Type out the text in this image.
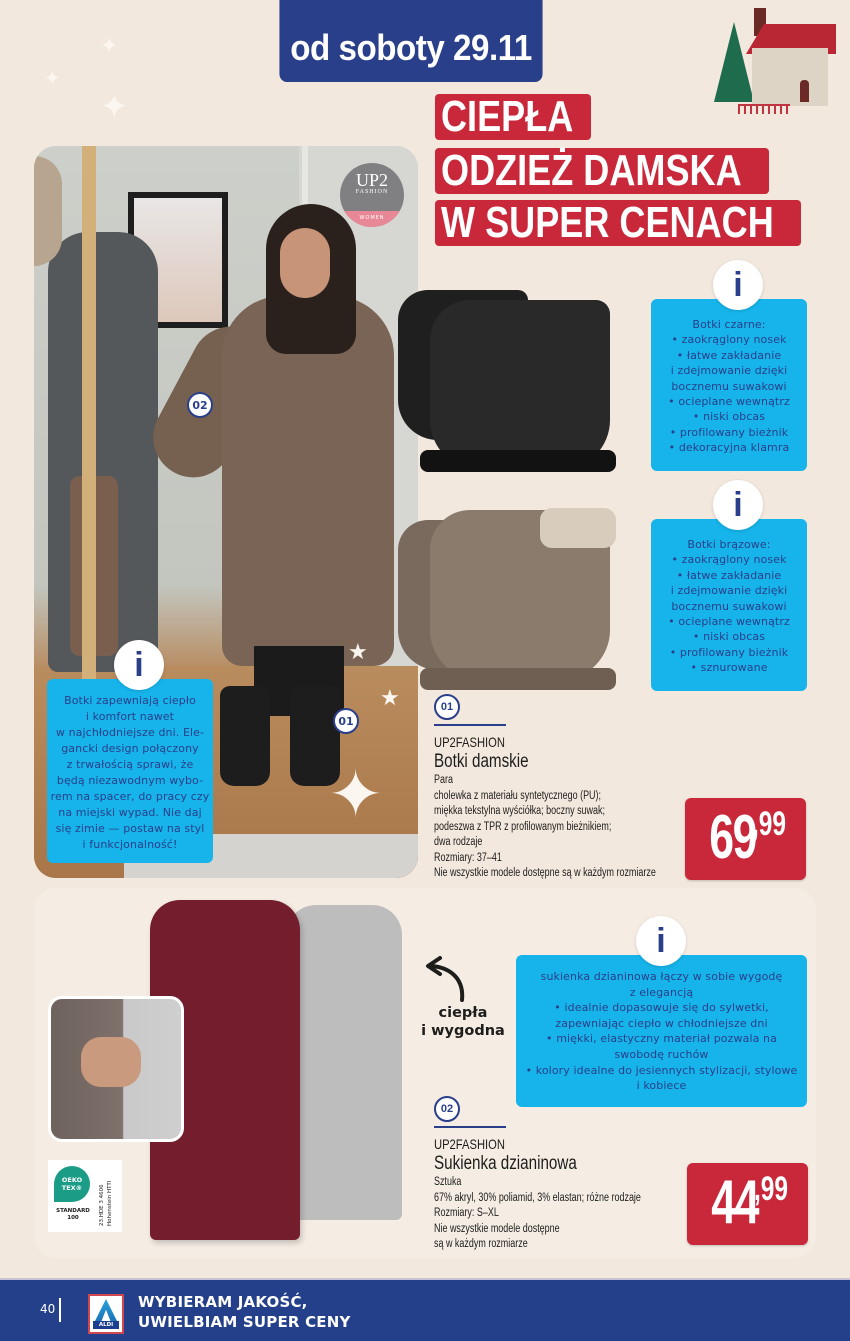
✦
✦
✦
od soboty 29.11
CIEPŁA
ODZIEŻ DAMSKA
W SUPER CENACH
UP2
FASHION
WOMEN
02
01
★
✦
★
Botki czarne:
• zaokrąglony nosek
• łatwe zakładanie
i zdejmowanie dzięki
bocznemu suwakowi
• ocieplane wewnątrz
• niski obcas
• profilowany bieżnik
• dekoracyjna klamra
i
Botki brązowe:
• zaokrąglony nosek
• łatwe zakładanie
i zdejmowanie dzięki
bocznemu suwakowi
• ocieplane wewnątrz
• niski obcas
• profilowany bieżnik
• sznurowane
i
Botki zapewniają ciepło
i komfort nawet
w najchłodniejsze dni. Ele-
gancki design połączony
z trwałością sprawi, że
będą niezawodnym wybo-
rem na spacer, do pracy czy
na miejski wypad. Nie daj
się zimie — postaw na styl
i funkcjonalność!
i
01
UP2FASHION
Botki damskie
Para
cholewka z materiału syntetycznego (PU);
miękka tekstylna wyściółka; boczny suwak;
podeszwa z TPR z profilowanym bieżnikiem;
dwa rodzaje
Rozmiary: 37–41
Nie wszystkie modele dostępne są w każdym rozmiarze
69
,99
OEKO
TEX®
STANDARD
100	23.HDE 3 4606 Hohenstein HTTI
ciepła
i wygodna
sukienka dzianinowa łączy w sobie wygodę
z elegancją
• idealnie dopasowuje się do sylwetki,
zapewniając ciepło w chłodniejsze dni
• miękki, elastyczny materiał pozwala na
swobodę ruchów
• kolory idealne do jesiennych stylizacji, stylowe
i kobiece
i
02
UP2FASHION
Sukienka dzianinowa
Sztuka
67% akryl, 30% poliamid, 3% elastan; różne rodzaje
Rozmiary: S–XL
Nie wszystkie modele dostępne
są w każdym rozmiarze
44
,99
40
ALDI
WYBIERAM JAKOŚĆ,
UWIELBIAM SUPER CENY
